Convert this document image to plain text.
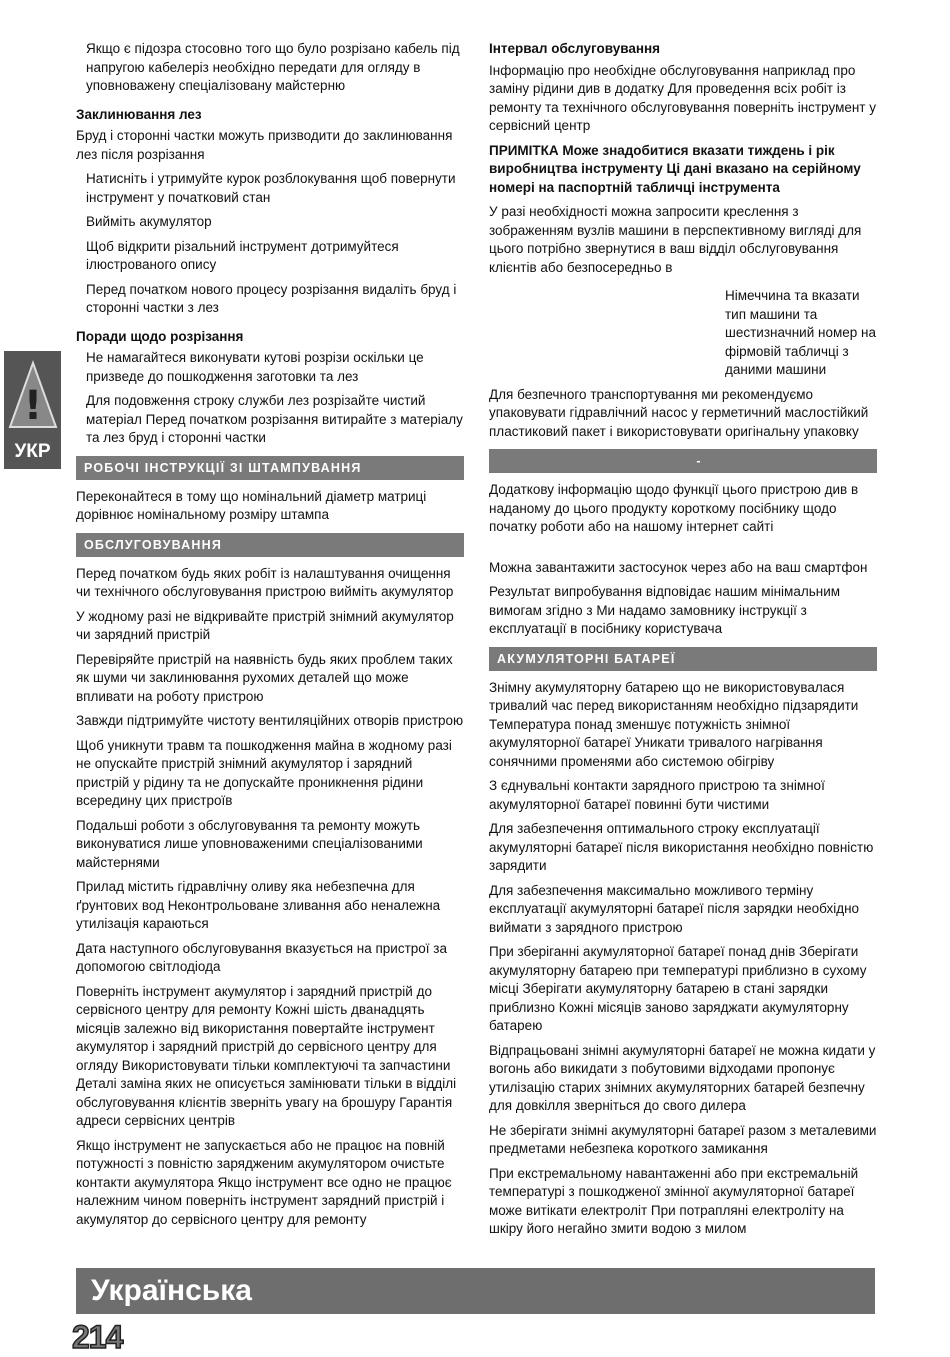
!
УКР
Якщо є підозра стосовно того що було розрізано кабель під напругою кабелеріз необхідно передати для огляду в уповноважену спеціалізовану майстерню
Заклинювання лез
Бруд і сторонні частки можуть призводити до заклинювання лез після розрізання
Натисніть і утримуйте курок розблокування щоб повернути інструмент у початковий стан
Вийміть акумулятор
Щоб відкрити різальний інструмент дотримуйтеся ілюстрованого опису
Перед початком нового процесу розрізання видаліть бруд і сторонні частки з лез
Поради щодо розрізання
Не намагайтеся виконувати кутові розрізи оскільки це призведе до пошкодження заготовки та лез
Для подовження строку служби лез розрізайте чистий матеріал Перед початком розрізання витирайте з матеріалу та лез бруд і сторонні частки
РОБОЧІ ІНСТРУКЦІЇ ЗІ ШТАМПУВАННЯ
Переконайтеся в тому що номінальний діаметр матриці дорівнює номінальному розміру штампа
ОБСЛУГОВУВАННЯ
Перед початком будь яких робіт із налаштування очищення чи технічного обслуговування пристрою вийміть акумулятор
У жодному разі не відкривайте пристрій знімний акумулятор чи зарядний пристрій
Перевіряйте пристрій на наявність будь яких проблем таких як шуми чи заклинювання рухомих деталей що може впливати на роботу пристрою
Завжди підтримуйте чистоту вентиляційних отворів пристрою
Щоб уникнути травм та пошкодження майна в жодному разі не опускайте пристрій знімний акумулятор і зарядний пристрій у рідину та не допускайте проникнення рідини всередину цих пристроїв
Подальші роботи з обслуговування та ремонту можуть виконуватися лише уповноваженими спеціалізованими майстернями
Прилад містить гідравлічну оливу яка небезпечна для ґрунтових вод Неконтрольоване зливання або неналежна утилізація караються
Дата наступного обслуговування вказується на пристрої за допомогою світлодіода
Поверніть інструмент акумулятор і зарядний пристрій до сервісного центру для ремонту Кожні шість дванадцять місяців залежно від використання повертайте інструмент акумулятор і зарядний пристрій до сервісного центру для огляду Використовувати тільки комплектуючі та запчастини Деталі заміна яких не описується замінювати тільки в відділі обслуговування клієнтів зверніть увагу на брошуру Гарантія адреси сервісних центрів
Якщо інструмент не запускається або не працює на повній потужності з повністю зарядженим акумулятором очистьте контакти акумулятора Якщо інструмент все одно не працює належним чином поверніть інструмент зарядний пристрій і акумулятор до сервісного центру для ремонту
Інтервал обслуговування
Інформацію про необхідне обслуговування наприклад про заміну рідини див в додатку Для проведення всіх робіт із ремонту та технічного обслуговування поверніть інструмент у сервісний центр
ПРИМІТКА Може знадобитися вказати тиждень і рік виробництва інструменту Ці дані вказано на серійному номері на паспортній табличці інструмента
У разі необхідності можна запросити креслення з зображенням вузлів машини в перспективному вигляді для цього потрібно звернутися в ваш відділ обслуговування клієнтів або безпосередньо в
Німеччина та вказати тип машини та шестизначний номер на фірмовій табличці з даними машини
Для безпечного транспортування ми рекомендуємо упаковувати гідравлічний насос у герметичний маслостійкий пластиковий пакет і використовувати оригінальну упаковку
-
Додаткову інформацію щодо функції цього пристрою див в наданому до цього продукту короткому посібнику щодо початку роботи або на нашому інтернет сайті
Можна завантажити застосунок через або на ваш смартфон
Результат випробування відповідає нашим мінімальним вимогам згідно з Ми надамо замовнику інструкції з експлуатації в посібнику користувача
АКУМУЛЯТОРНІ БАТАРЕЇ
Знімну акумуляторну батарею що не використовувалася тривалий час перед використанням необхідно підзарядити Температура понад зменшує потужність знімної акумуляторної батареї Уникати тривалого нагрівання сонячними променями або системою обігріву
З єднувальні контакти зарядного пристрою та знімної акумуляторної батареї повинні бути чистими
Для забезпечення оптимального строку експлуатації акумуляторні батареї після використання необхідно повністю зарядити
Для забезпечення максимально можливого терміну експлуатації акумуляторні батареї після зарядки необхідно виймати з зарядного пристрою
При зберіганні акумуляторної батареї понад днів Зберігати акумуляторну батарею при температурі приблизно в сухому місці Зберігати акумуляторну батарею в стані зарядки приблизно Кожні місяців заново заряджати акумуляторну батарею
Відпрацьовані знімні акумуляторні батареї не можна кидати у вогонь або викидати з побутовими відходами пропонує утилізацію старих знімних акумуляторних батарей безпечну для довкілля зверніться до свого дилера
Не зберігати знімні акумуляторні батареї разом з металевими предметами небезпека короткого замикання
При екстремальному навантаженні або при екстремальній температурі з пошкодженої змінної акумуляторної батареї може витікати електроліт При потрапляні електроліту на шкіру його негайно змити водою з милом
Українська
214
